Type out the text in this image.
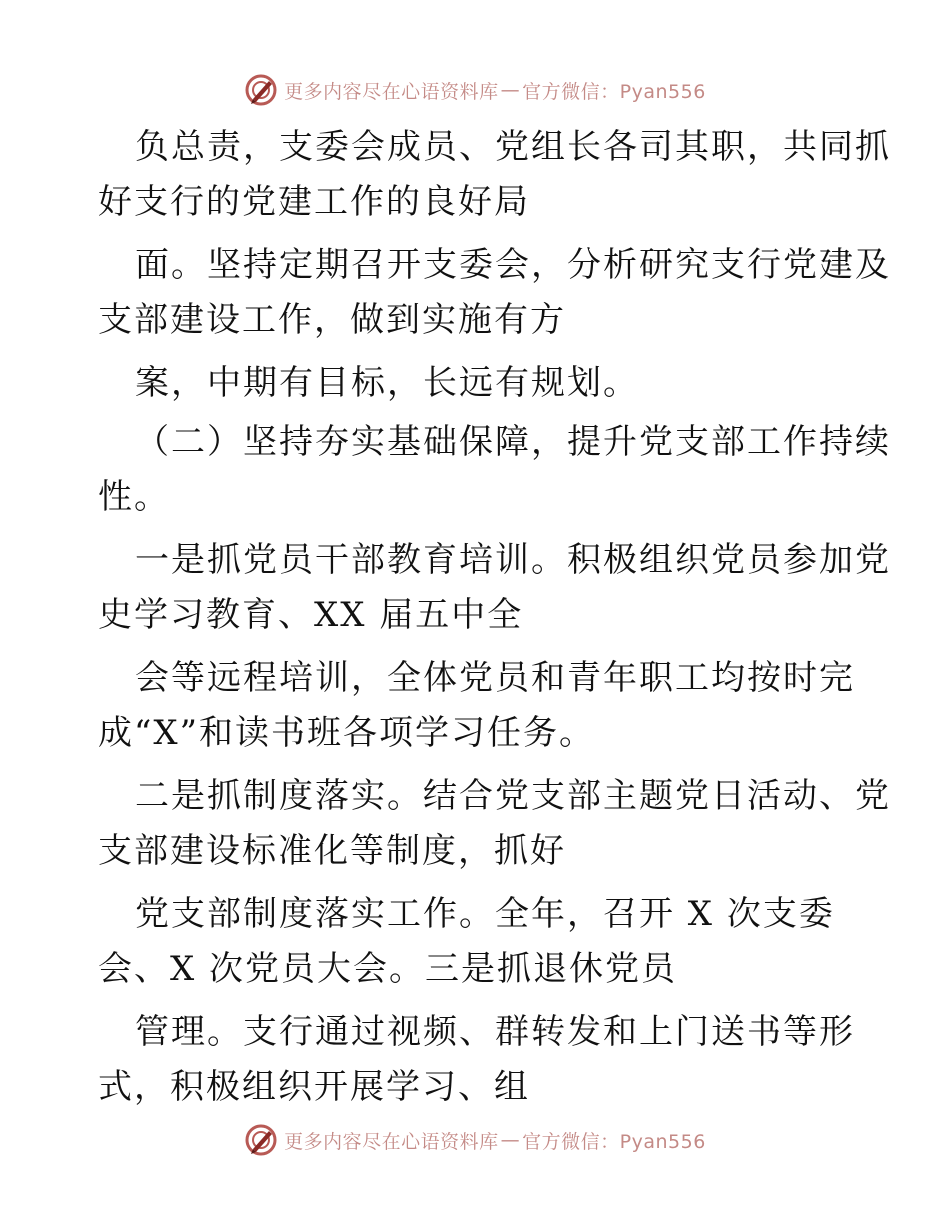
更多内容尽在心语资料库 — 官方微信：Pyan556
负总责，支委会成员、党组长各司其职，共同抓
好支行的党建工作的良好局
面。坚持定期召开支委会，分析研究支行党建及
支部建设工作，做到实施有方
案，中期有目标，长远有规划。
（二）坚持夯实基础保障，提升党支部工作持续
性。
一是抓党员干部教育培训。积极组织党员参加党
史学习教育、XX 届五中全
会等远程培训，全体党员和青年职工均按时完
成“X”和读书班各项学习任务。
二是抓制度落实。结合党支部主题党日活动、党
支部建设标准化等制度，抓好
党支部制度落实工作。全年，召开 X 次支委
会、X 次党员大会。三是抓退休党员
管理。支行通过视频、群转发和上门送书等形
式，积极组织开展学习、组
更多内容尽在心语资料库 — 官方微信：Pyan556
